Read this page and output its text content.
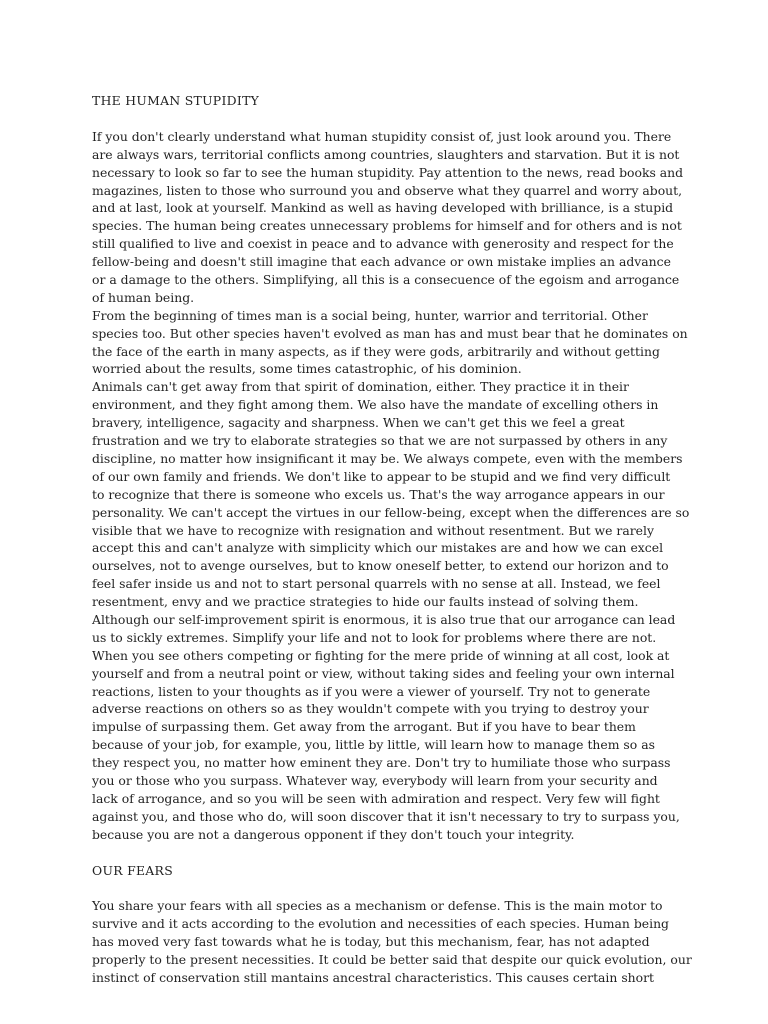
THE HUMAN STUPIDITY
If you don't clearly understand what human stupidity consist of, just look around you. There
are always wars, territorial conflicts among countries, slaughters and starvation. But it is not
necessary to look so far to see the human stupidity. Pay attention to the news, read books and
magazines, listen to those who surround you and observe what they quarrel and worry about,
and at last, look at yourself. Mankind as well as having developed with brilliance, is a stupid
species. The human being creates unnecessary problems for himself and for others and is not
still qualified to live and coexist in peace and to advance with generosity and respect for the
fellow-being and doesn't still imagine that each advance or own mistake implies an advance
or a damage to the others. Simplifying, all this is a consecuence of the egoism and arrogance
of human being.
From the beginning of times man is a social being, hunter, warrior and territorial. Other
species too. But other species haven't evolved as man has and must bear that he dominates on
the face of the earth in many aspects, as if they were gods, arbitrarily and without getting
worried about the results, some times catastrophic, of his dominion.
Animals can't get away from that spirit of domination, either. They practice it in their
environment, and they fight among them. We also have the mandate of excelling others in
bravery, intelligence, sagacity and sharpness. When we can't get this we feel a great
frustration and we try to elaborate strategies so that we are not surpassed by others in any
discipline, no matter how insignificant it may be. We always compete, even with the members
of our own family and friends. We don't like to appear to be stupid and we find very difficult
to recognize that there is someone who excels us. That's the way arrogance appears in our
personality. We can't accept the virtues in our fellow-being, except when the differences are so
visible that we have to recognize with resignation and without resentment. But we rarely
accept this and can't analyze with simplicity which our mistakes are and how we can excel
ourselves, not to avenge ourselves, but to know oneself better, to extend our horizon and to
feel safer inside us and not to start personal quarrels with no sense at all. Instead, we feel
resentment, envy and we practice strategies to hide our faults instead of solving them.
Although our self-improvement spirit is enormous, it is also true that our arrogance can lead
us to sickly extremes. Simplify your life and not to look for problems where there are not.
When you see others competing or fighting for the mere pride of winning at all cost, look at
yourself and from a neutral point or view, without taking sides and feeling your own internal
reactions, listen to your thoughts as if you were a viewer of yourself. Try not to generate
adverse reactions on others so as they wouldn't compete with you trying to destroy your
impulse of surpassing them. Get away from the arrogant. But if you have to bear them
because of your job, for example, you, little by little, will learn how to manage them so as
they respect you, no matter how eminent they are. Don't try to humiliate those who surpass
you or those who you surpass. Whatever way, everybody will learn from your security and
lack of arrogance, and so you will be seen with admiration and respect. Very few will fight
against you, and those who do, will soon discover that it isn't necessary to try to surpass you,
because you are not a dangerous opponent if they don't touch your integrity.
OUR FEARS
You share your fears with all species as a mechanism or defense. This is the main motor to
survive and it acts according to the evolution and necessities of each species. Human being
has moved very fast towards what he is today, but this mechanism, fear, has not adapted
properly to the present necessities. It could be better said that despite our quick evolution, our
instinct of conservation still mantains ancestral characteristics. This causes certain short
